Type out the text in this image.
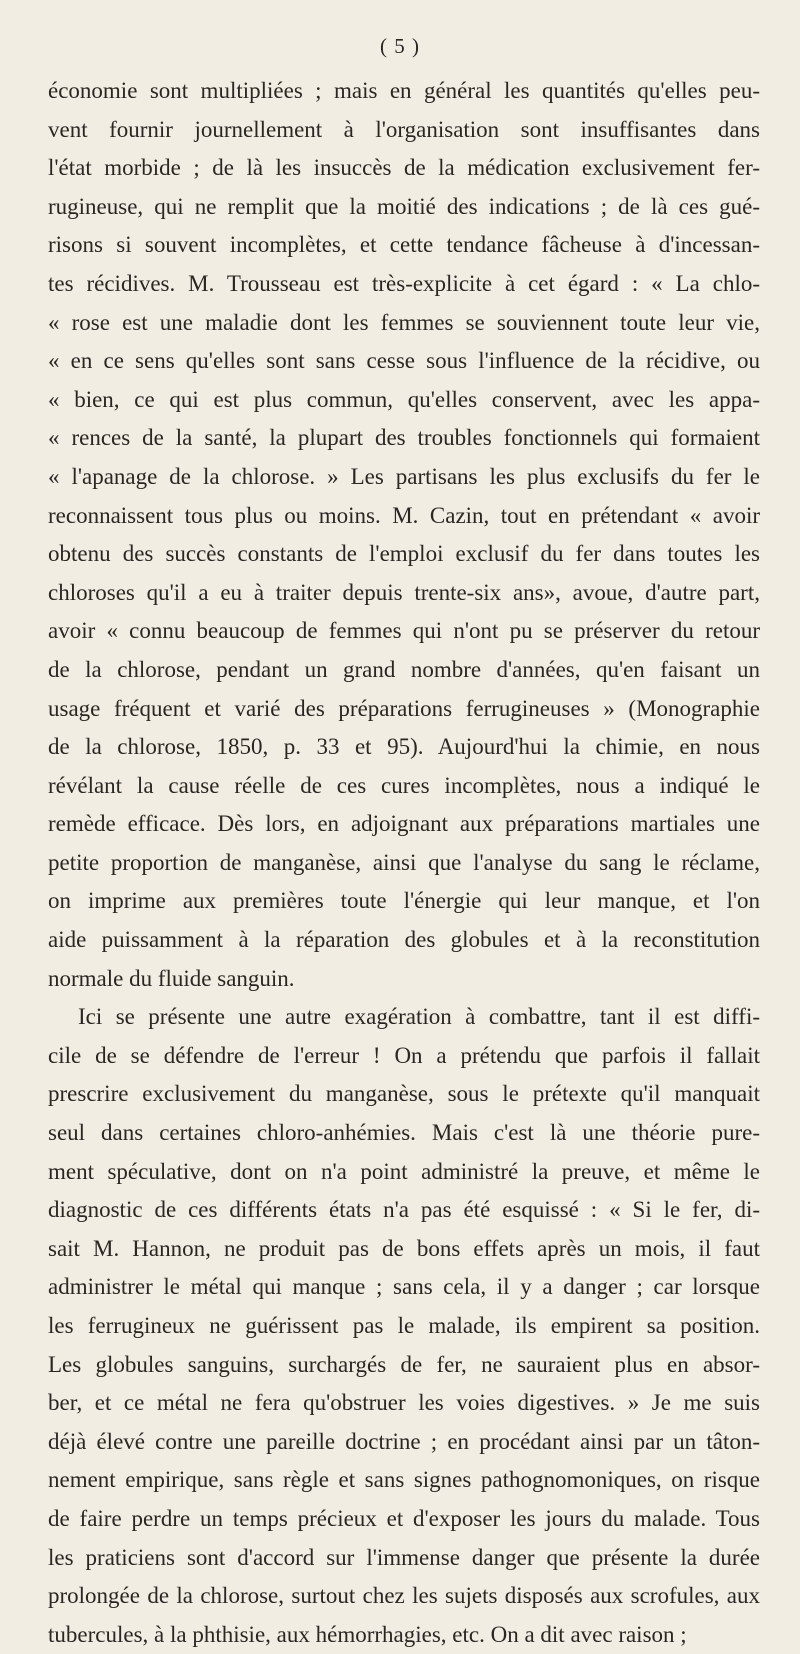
( 5 )
économie sont multipliées ; mais en général les quantités qu'elles peu-
vent fournir journellement à l'organisation sont insuffisantes dans
l'état morbide ; de là les insuccès de la médication exclusivement fer-
rugineuse, qui ne remplit que la moitié des indications ; de là ces gué-
risons si souvent incomplètes, et cette tendance fâcheuse à d'incessan-
tes récidives. M. Trousseau est très-explicite à cet égard : « La chlo-
« rose est une maladie dont les femmes se souviennent toute leur vie,
« en ce sens qu'elles sont sans cesse sous l'influence de la récidive, ou
« bien, ce qui est plus commun, qu'elles conservent, avec les appa-
« rences de la santé, la plupart des troubles fonctionnels qui formaient
« l'apanage de la chlorose. » Les partisans les plus exclusifs du fer le
reconnaissent tous plus ou moins. M. Cazin, tout en prétendant « avoir
obtenu des succès constants de l'emploi exclusif du fer dans toutes les
chloroses qu'il a eu à traiter depuis trente-six ans», avoue, d'autre part,
avoir « connu beaucoup de femmes qui n'ont pu se préserver du retour
de la chlorose, pendant un grand nombre d'années, qu'en faisant un
usage fréquent et varié des préparations ferrugineuses » (Monographie
de la chlorose, 1850, p. 33 et 95). Aujourd'hui la chimie, en nous
révélant la cause réelle de ces cures incomplètes, nous a indiqué le
remède efficace. Dès lors, en adjoignant aux préparations martiales une
petite proportion de manganèse, ainsi que l'analyse du sang le réclame,
on imprime aux premières toute l'énergie qui leur manque, et l'on
aide puissamment à la réparation des globules et à la reconstitution
normale du fluide sanguin.
Ici se présente une autre exagération à combattre, tant il est diffi-
cile de se défendre de l'erreur ! On a prétendu que parfois il fallait
prescrire exclusivement du manganèse, sous le prétexte qu'il manquait
seul dans certaines chloro-anhémies. Mais c'est là une théorie pure-
ment spéculative, dont on n'a point administré la preuve, et même le
diagnostic de ces différents états n'a pas été esquissé : « Si le fer, di-
sait M. Hannon, ne produit pas de bons effets après un mois, il faut
administrer le métal qui manque ; sans cela, il y a danger ; car lorsque
les ferrugineux ne guérissent pas le malade, ils empirent sa position.
Les globules sanguins, surchargés de fer, ne sauraient plus en absor-
ber, et ce métal ne fera qu'obstruer les voies digestives. » Je me suis
déjà élevé contre une pareille doctrine ; en procédant ainsi par un tâton-
nement empirique, sans règle et sans signes pathognomoniques, on risque
de faire perdre un temps précieux et d'exposer les jours du malade. Tous
les praticiens sont d'accord sur l'immense danger que présente la durée
prolongée de la chlorose, surtout chez les sujets disposés aux scrofules, aux
tubercules, à la phthisie, aux hémorrhagies, etc. On a dit avec raison ;
